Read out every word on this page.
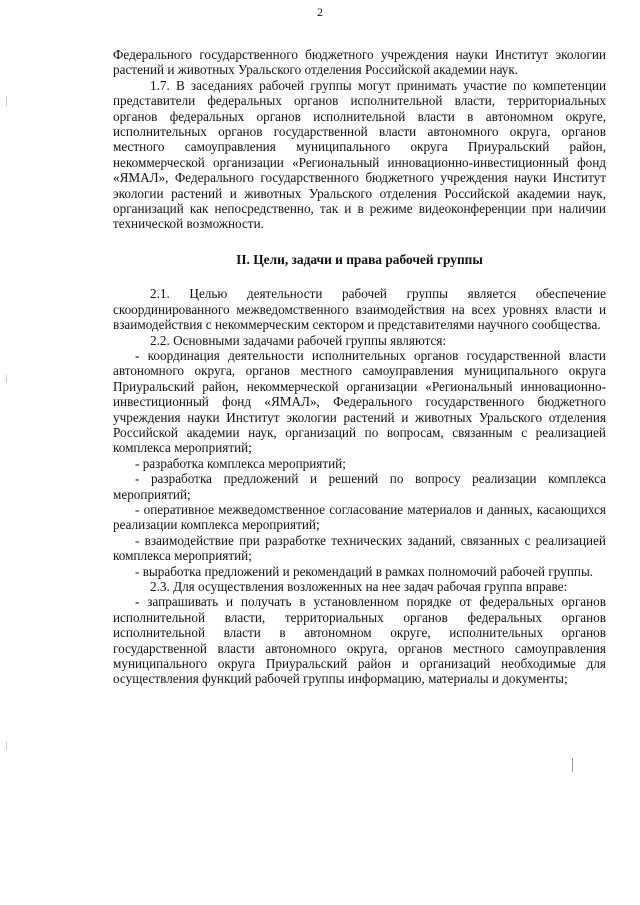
2

Федерального государственного бюджетного учреждения науки Институт экологии растений и животных Уральского отделения Российской академии наук.

1.7. В заседаниях рабочей группы могут принимать участие по компетенции представители федеральных органов исполнительной власти, территориальных органов федеральных органов исполнительной власти в автономном округе, исполнительных органов государственной власти автономного округа, органов местного самоуправления муниципального округа Приуральский район, некоммерческой организации «Региональный инновационно-инвестиционный фонд «ЯМАЛ», Федерального государственного бюджетного учреждения науки Институт экологии растений и животных Уральского отделения Российской академии наук, организаций как непосредственно, так и в режиме видеоконференции при наличии технической возможности.

II. Цели, задачи и права рабочей группы

2.1. Целью деятельности рабочей группы является обеспечение скоординированного межведомственного взаимодействия на всех уровнях власти и взаимодействия с некоммерческим сектором и представителями научного сообщества.

2.2. Основными задачами рабочей группы являются:

- координация деятельности исполнительных органов государственной власти автономного округа, органов местного самоуправления муниципального округа Приуральский район, некоммерческой организации «Региональный инновационно-инвестиционный фонд «ЯМАЛ», Федерального государственного бюджетного учреждения науки Институт экологии растений и животных Уральского отделения Российской академии наук, организаций по вопросам, связанным с реализацией комплекса мероприятий;

- разработка комплекса мероприятий;

- разработка предложений и решений по вопросу реализации комплекса мероприятий;

- оперативное межведомственное согласование материалов и данных, касающихся реализации комплекса мероприятий;

- взаимодействие при разработке технических заданий, связанных с реализацией комплекса мероприятий;

- выработка предложений и рекомендаций в рамках полномочий рабочей группы.

2.3. Для осуществления возложенных на нее задач рабочая группа вправе:

- запрашивать и получать в установленном порядке от федеральных органов исполнительной власти, территориальных органов федеральных органов исполнительной власти в автономном округе, исполнительных органов государственной власти автономного округа, органов местного самоуправления муниципального округа Приуральский район и организаций необходимые для осуществления функций рабочей группы информацию, материалы и документы;
